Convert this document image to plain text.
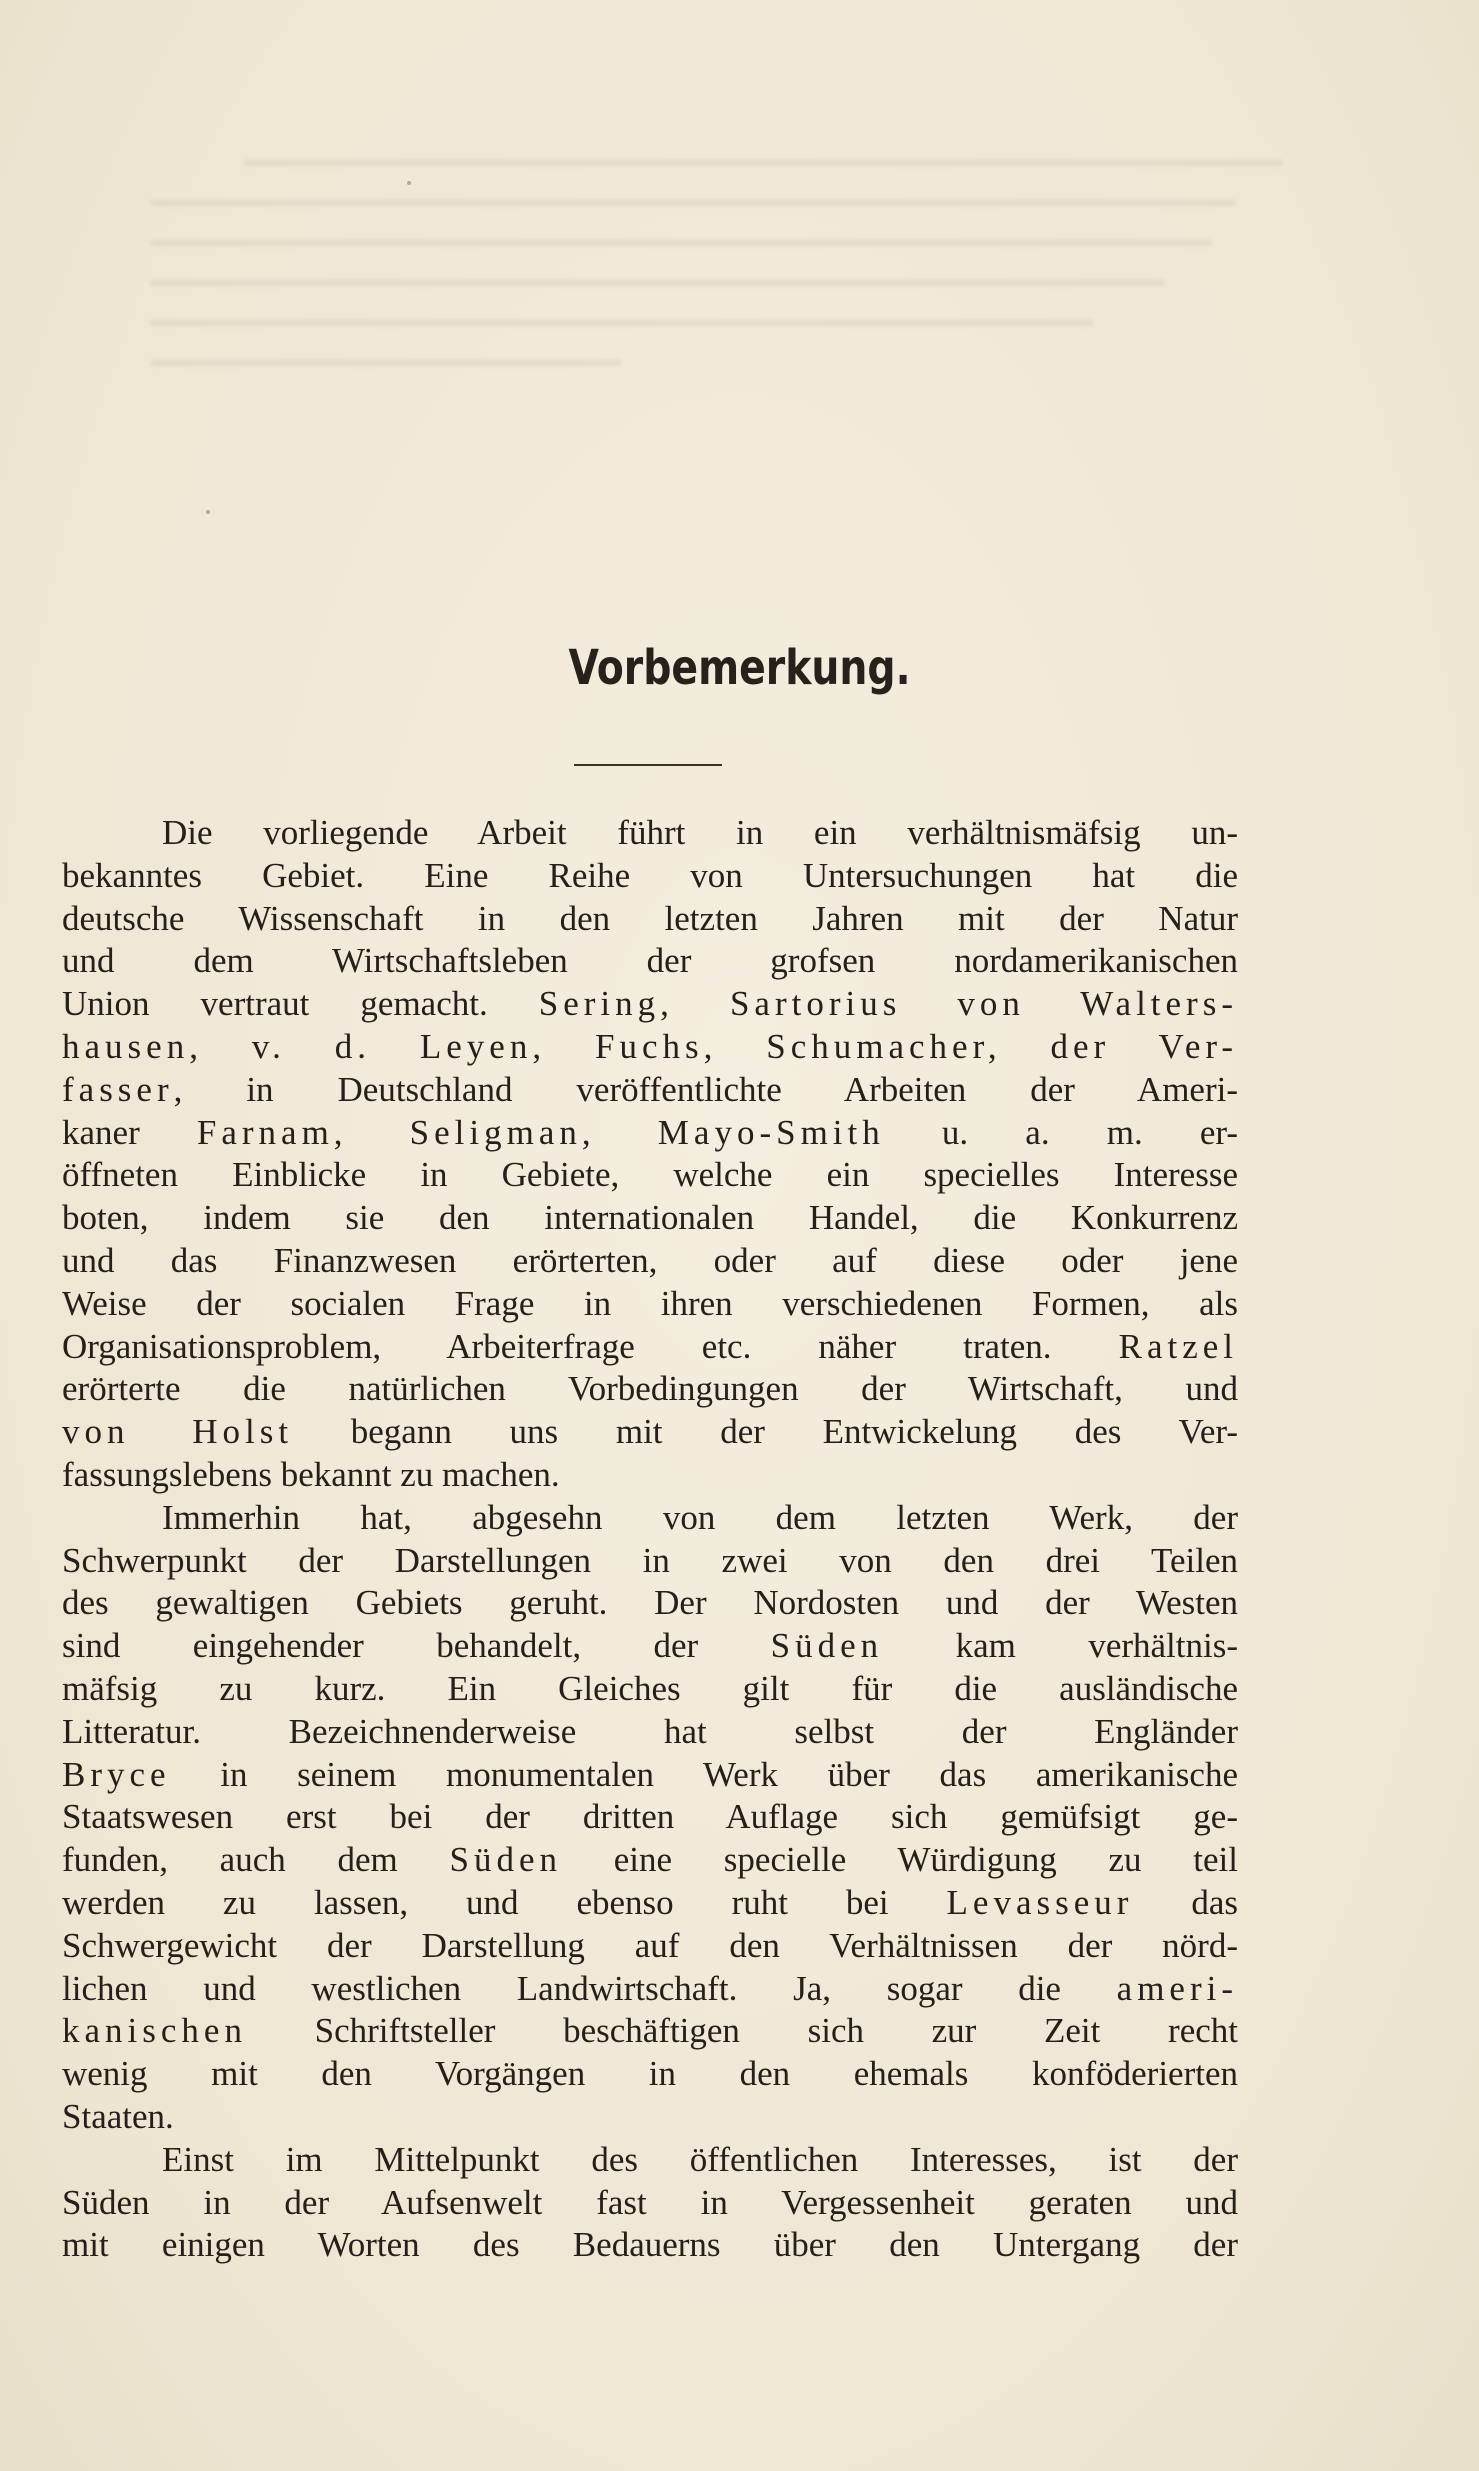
Vorbemerkung.
Die vorliegende Arbeit führt in ein verhältnismäfsig un-
bekanntes Gebiet. Eine Reihe von Untersuchungen hat die
deutsche Wissenschaft in den letzten Jahren mit der Natur
und dem Wirtschaftsleben der grofsen nordamerikanischen
Union vertraut gemacht. Sering, Sartorius von Walters-
hausen, v. d. Leyen, Fuchs, Schumacher, der Ver-
fasser, in Deutschland veröffentlichte Arbeiten der Ameri-
kaner Farnam, Seligman, Mayo-Smith u. a. m. er-
öffneten Einblicke in Gebiete, welche ein specielles Interesse
boten, indem sie den internationalen Handel, die Konkurrenz
und das Finanzwesen erörterten, oder auf diese oder jene
Weise der socialen Frage in ihren verschiedenen Formen, als
Organisationsproblem, Arbeiterfrage etc. näher traten. Ratzel
erörterte die natürlichen Vorbedingungen der Wirtschaft, und
von Holst begann uns mit der Entwickelung des Ver-
fassungslebens bekannt zu machen.
Immerhin hat, abgesehn von dem letzten Werk, der
Schwerpunkt der Darstellungen in zwei von den drei Teilen
des gewaltigen Gebiets geruht. Der Nordosten und der Westen
sind eingehender behandelt, der Süden kam verhältnis-
mäfsig zu kurz. Ein Gleiches gilt für die ausländische
Litteratur. Bezeichnenderweise hat selbst der Engländer
Bryce in seinem monumentalen Werk über das amerikanische
Staatswesen erst bei der dritten Auflage sich gemüfsigt ge-
funden, auch dem Süden eine specielle Würdigung zu teil
werden zu lassen, und ebenso ruht bei Levasseur das
Schwergewicht der Darstellung auf den Verhältnissen der nörd-
lichen und westlichen Landwirtschaft. Ja, sogar die ameri-
kanischen Schriftsteller beschäftigen sich zur Zeit recht
wenig mit den Vorgängen in den ehemals konföderierten
Staaten.
Einst im Mittelpunkt des öffentlichen Interesses, ist der
Süden in der Aufsenwelt fast in Vergessenheit geraten und
mit einigen Worten des Bedauerns über den Untergang der
